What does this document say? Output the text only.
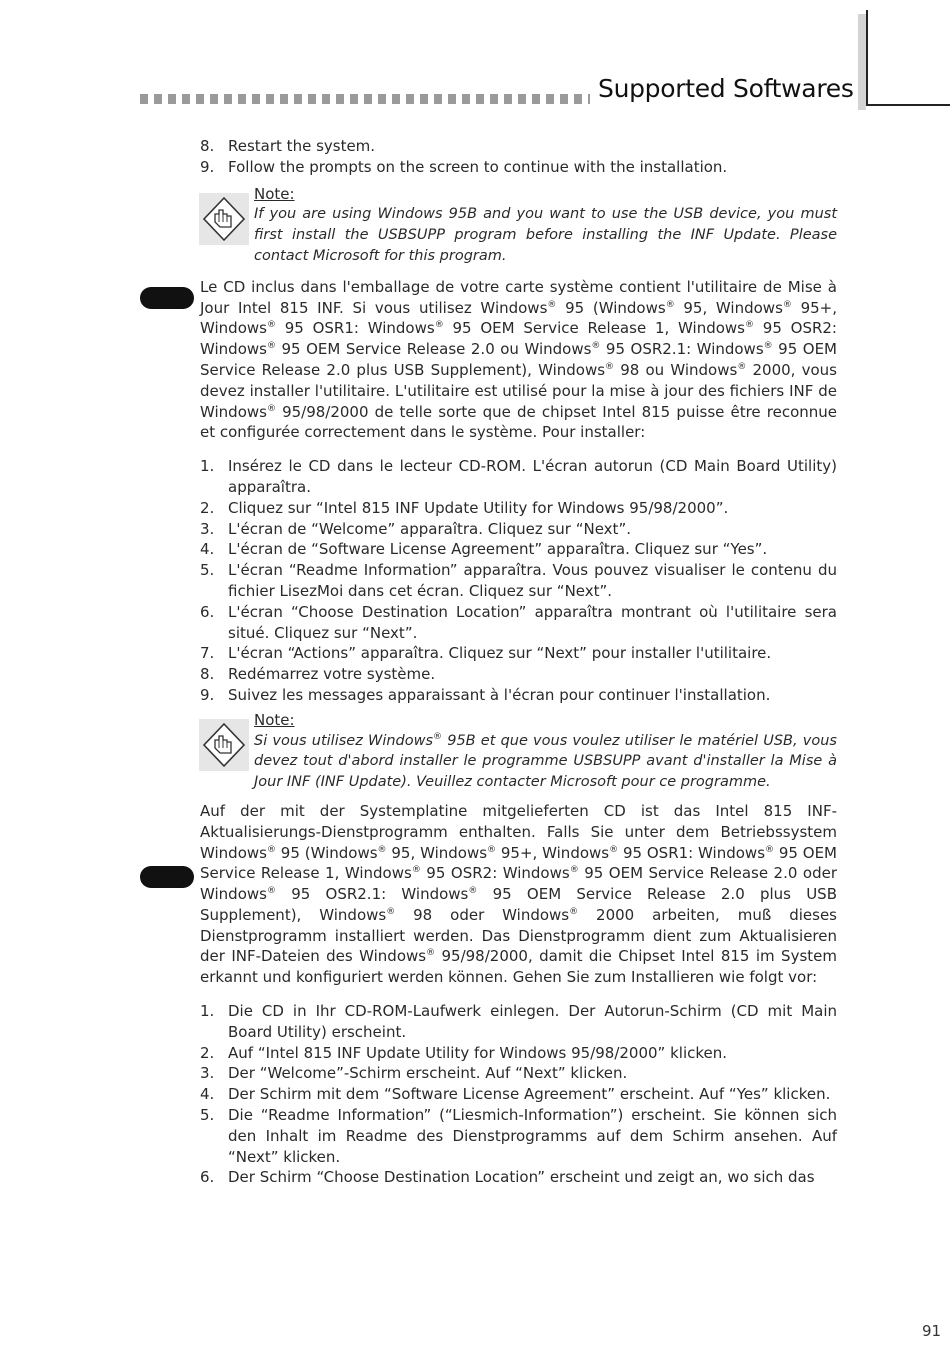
Supported Softwares
8. Restart the system.
9. Follow the prompts on the screen to continue with the installation.
Note:
If you are using Windows 95B and you want to use the USB device, you must first install the USBSUPP program before installing the INF Update. Please contact Microsoft for this program.

Le CD inclus dans l'emballage de votre carte système contient l'utilitaire de Mise à Jour Intel 815 INF. Si vous utilisez Windows® 95 (Windows® 95, Windows® 95+, Windows® 95 OSR1: Windows® 95 OEM Service Release 1, Windows® 95 OSR2: Windows® 95 OEM Service Release 2.0 ou Windows® 95 OSR2.1: Windows® 95 OEM Service Release 2.0 plus USB Supplement), Windows® 98 ou Windows® 2000, vous devez installer l'utilitaire. L'utilitaire est utilisé pour la mise à jour des fichiers INF de Windows® 95/98/2000 de telle sorte que de chipset Intel 815 puisse être reconnue et configurée correctement dans le système. Pour installer:

1. Insérez le CD dans le lecteur CD-ROM. L'écran autorun (CD Main Board Utility) apparaîtra.
2. Cliquez sur “Intel 815 INF Update Utility for Windows 95/98/2000”.
3. L'écran de “Welcome” apparaîtra. Cliquez sur “Next”.
4. L'écran de “Software License Agreement” apparaîtra. Cliquez sur “Yes”.
5. L'écran “Readme Information” apparaîtra. Vous pouvez visualiser le contenu du fichier LisezMoi dans cet écran. Cliquez sur “Next”.
6. L'écran “Choose Destination Location” apparaîtra montrant où l'utilitaire sera situé. Cliquez sur “Next”.
7. L'écran “Actions” apparaîtra. Cliquez sur “Next” pour installer l'utilitaire.
8. Redémarrez votre système.
9. Suivez les messages apparaissant à l'écran pour continuer l'installation.
Note:
Si vous utilisez Windows® 95B et que vous voulez utiliser le matériel USB, vous devez tout d'abord installer le programme USBSUPP avant d'installer la Mise à Jour INF (INF Update). Veuillez contacter Microsoft pour ce programme.

Auf der mit der Systemplatine mitgelieferten CD ist das Intel 815 INF-Aktualisierungs-Dienstprogramm enthalten. Falls Sie unter dem Betriebssystem Windows® 95 (Windows® 95, Windows® 95+, Windows® 95 OSR1: Windows® 95 OEM Service Release 1, Windows® 95 OSR2: Windows® 95 OEM Service Release 2.0 oder Windows® 95 OSR2.1: Windows® 95 OEM Service Release 2.0 plus USB Supplement), Windows® 98 oder Windows® 2000 arbeiten, muß dieses Dienstprogramm installiert werden. Das Dienstprogramm dient zum Aktualisieren der INF-Dateien des Windows® 95/98/2000, damit die Chipset Intel 815 im System erkannt und konfiguriert werden können. Gehen Sie zum Installieren wie folgt vor:

1. Die CD in Ihr CD-ROM-Laufwerk einlegen. Der Autorun-Schirm (CD mit Main Board Utility) erscheint.
2. Auf “Intel 815 INF Update Utility for Windows 95/98/2000” klicken.
3. Der “Welcome”-Schirm erscheint. Auf “Next” klicken.
4. Der Schirm mit dem “Software License Agreement” erscheint. Auf “Yes” klicken.
5. Die “Readme Information” (“Liesmich-Information”) erscheint. Sie können sich den Inhalt im Readme des Dienstprogramms auf dem Schirm ansehen. Auf “Next” klicken.
6. Der Schirm “Choose Destination Location” erscheint und zeigt an, wo sich das
91
